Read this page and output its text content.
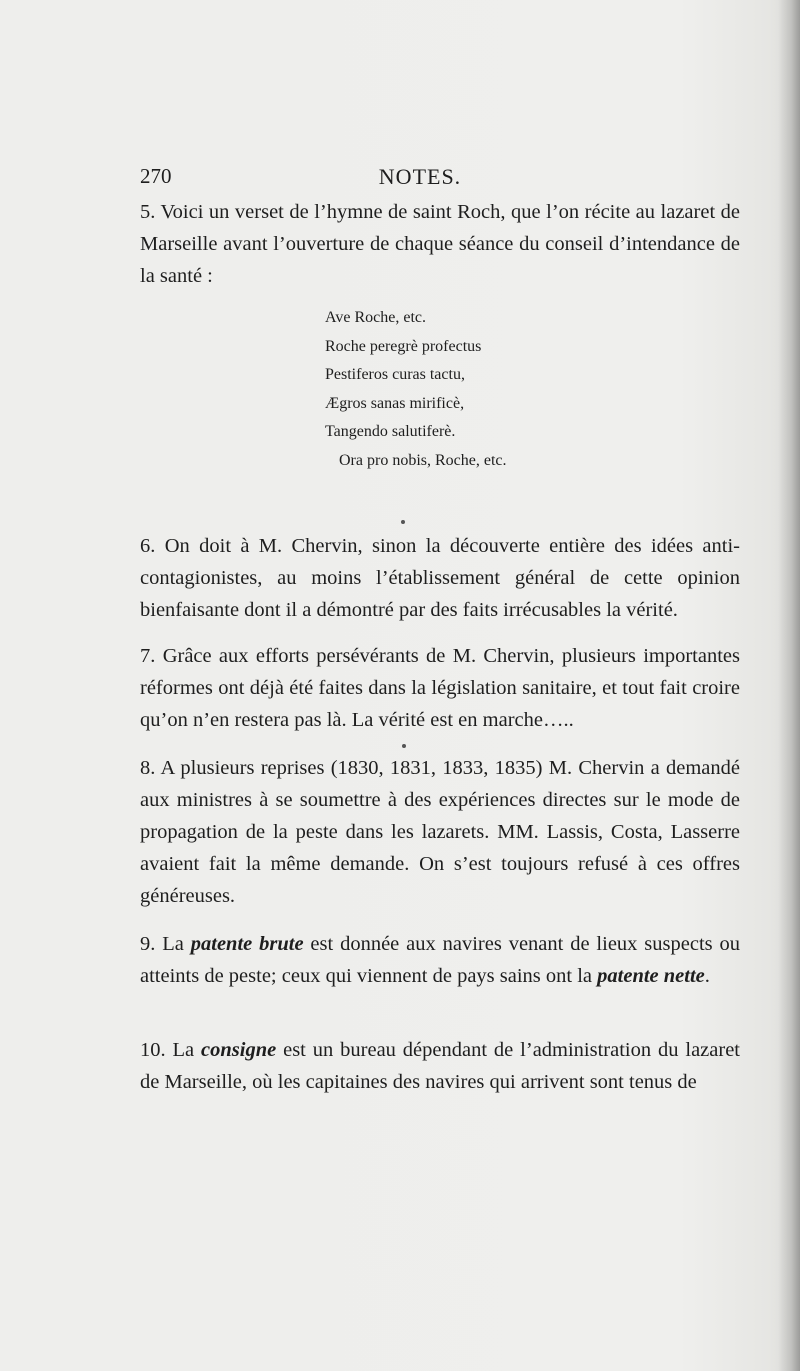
270	NOTES.

5. Voici un verset de l’hymne de saint Roch, que l’on récite au lazaret de Marseille avant l’ouverture de chaque séance du conseil d’intendance de la santé :

Ave Roche, etc.
Roche peregrè profectus
Pestiferos curas tactu,
Ægros sanas mirificè,
Tangendo salutiferè.
Ora pro nobis, Roche, etc.

6. On doit à M. Chervin, sinon la découverte entière des idées anti-contagionistes, au moins l’établissement général de cette opinion bienfaisante dont il a démontré par des faits irrécusables la vérité.

7. Grâce aux efforts persévérants de M. Chervin, plusieurs importantes réformes ont déjà été faites dans la législation sanitaire, et tout fait croire qu’on n’en restera pas là. La vérité est en marche…..

8. A plusieurs reprises (1830, 1831, 1833, 1835) M. Chervin a demandé aux ministres à se soumettre à des expériences directes sur le mode de propagation de la peste dans les lazarets. MM. Lassis, Costa, Lasserre avaient fait la même demande. On s’est toujours refusé à ces offres généreuses.

9. La patente brute est donnée aux navires venant de lieux suspects ou atteints de peste; ceux qui viennent de pays sains ont la patente nette.

10. La consigne est un bureau dépendant de l’administration du lazaret de Marseille, où les capitaines des navires qui arrivent sont tenus de
